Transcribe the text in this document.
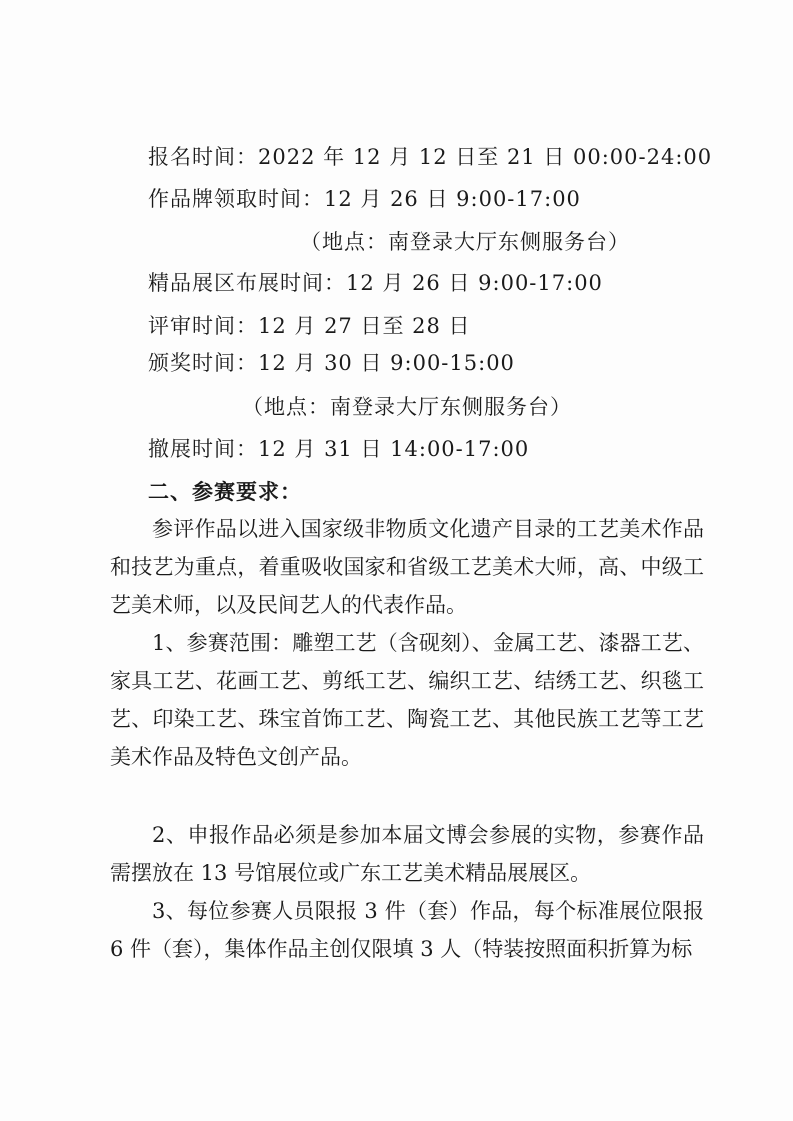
报名时间：2022 年 12 月 12 日至 21 日 00:00-24:00

作品牌领取时间：12 月 26 日 9:00-17:00

（地点：南登录大厅东侧服务台）

精品展区布展时间：12 月 26 日 9:00-17:00

评审时间：12 月 27 日至 28 日

颁奖时间：12 月 30 日 9:00-15:00

（地点：南登录大厅东侧服务台）

撤展时间：12 月 31 日 14:00-17:00

二、参赛要求：

参评作品以进入国家级非物质文化遗产目录的工艺美术作品和技艺为重点，着重吸收国家和省级工艺美术大师，高、中级工艺美术师，以及民间艺人的代表作品。

1、参赛范围：雕塑工艺（含砚刻）、金属工艺、漆器工艺、家具工艺、花画工艺、剪纸工艺、编织工艺、结绣工艺、织毯工艺、印染工艺、珠宝首饰工艺、陶瓷工艺、其他民族工艺等工艺美术作品及特色文创产品。

2、申报作品必须是参加本届文博会参展的实物，参赛作品需摆放在 13 号馆展位或广东工艺美术精品展展区。

3、每位参赛人员限报 3 件（套）作品，每个标准展位限报 6 件（套），集体作品主创仅限填 3 人（特装按照面积折算为标
